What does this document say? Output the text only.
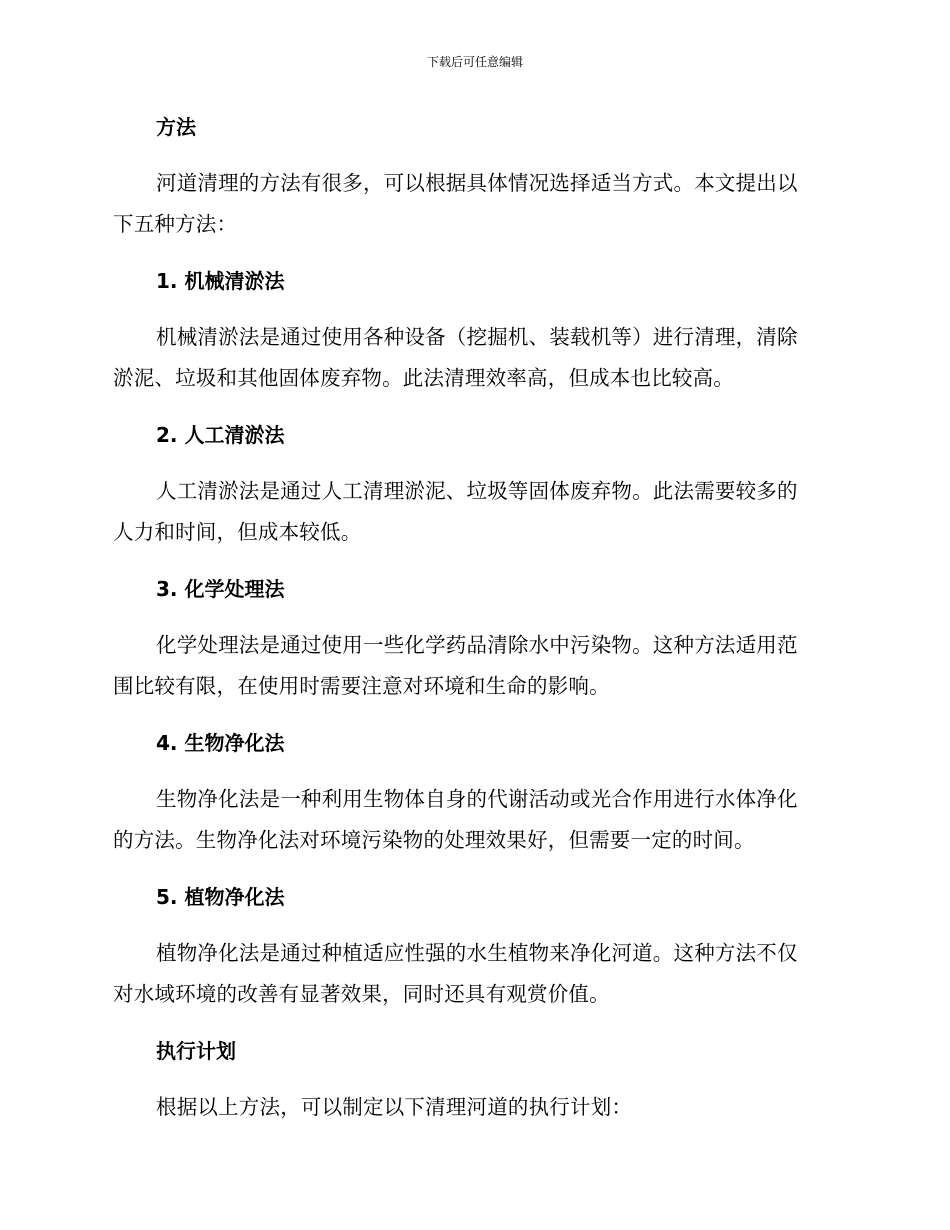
下载后可任意编辑
方法
河道清理的方法有很多，可以根据具体情况选择适当方式。本文提出以
下五种方法：
1. 机械清淤法
机械清淤法是通过使用各种设备（挖掘机、装载机等）进行清理，清除
淤泥、垃圾和其他固体废弃物。此法清理效率高，但成本也比较高。
2. 人工清淤法
人工清淤法是通过人工清理淤泥、垃圾等固体废弃物。此法需要较多的
人力和时间，但成本较低。
3. 化学处理法
化学处理法是通过使用一些化学药品清除水中污染物。这种方法适用范
围比较有限，在使用时需要注意对环境和生命的影响。
4. 生物净化法
生物净化法是一种利用生物体自身的代谢活动或光合作用进行水体净化
的方法。生物净化法对环境污染物的处理效果好，但需要一定的时间。
5. 植物净化法
植物净化法是通过种植适应性强的水生植物来净化河道。这种方法不仅
对水域环境的改善有显著效果，同时还具有观赏价值。
执行计划
根据以上方法，可以制定以下清理河道的执行计划：
